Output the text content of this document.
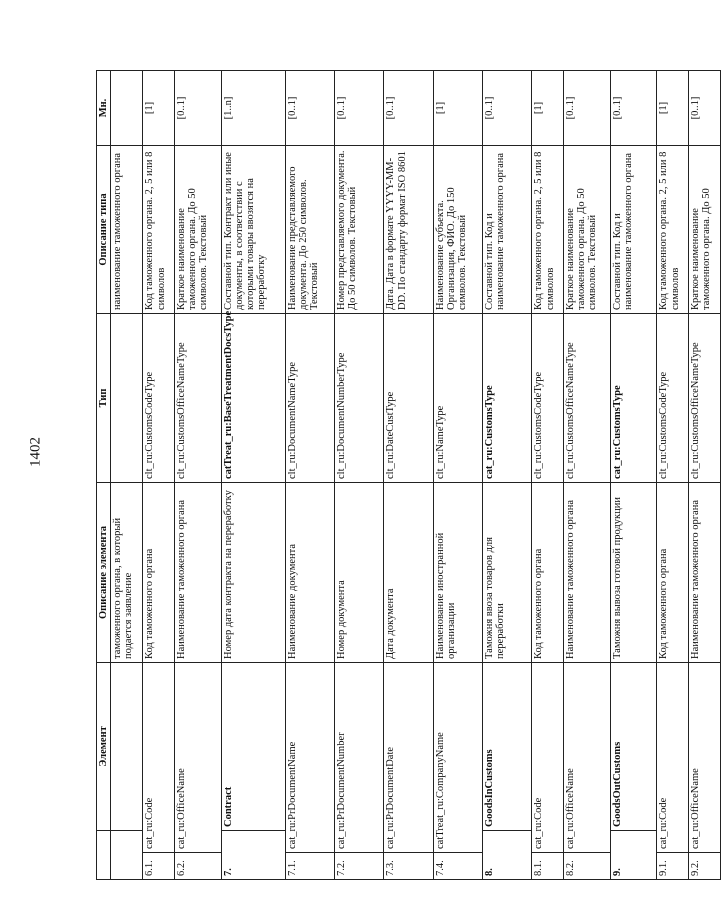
1402
		Элемент	Описание элемента	Тип	Описание типа	Мн.
			таможенного органа, в который подается заявление		наименование таможенного органа	
6.1.	cat_ru:Code		Код таможенного органа	clt_ru:CustomsCodeType	Код таможенного органа. 2, 5 или 8 символов	[1]
6.2.	cat_ru:OfficeName		Наименование таможенного органа	clt_ru:CustomsOfficeNameType	Краткое наименование таможенного органа. До 50 символов. Текстовый	[0..1]
7.		Contract	Номер дата контракта на переработку	catTreat_ru:BaseTreatmentDocsType	Составной тип. Контракт или иные документы, в соответствии с которыми товары ввозятся на переработку	[1..n]
7.1.	cat_ru:PrDocumentName		Наименование документа	clt_ru:DocumentNameType	Наименование представляемого документа. До 250 символов. Текстовый	[0..1]
7.2.	cat_ru:PrDocumentNumber		Номер документа	clt_ru:DocumentNumberType	Номер представляемого документа. До 50 символов. Текстовый	[0..1]
7.3.	cat_ru:PrDocumentDate		Дата документа	clt_ru:DateCustType	Дата. Дата в формате YYYY-MM-DD. По стандарту формат ISO 8601	[0..1]
7.4.	catTreat_ru:CompanyName		Наименование иностранной организации	clt_ru:NameType	Наименование субъекта. Организация, ФИО. До 150 символов. Текстовый	[1]
8.		GoodsInCustoms	Таможня ввоза товаров для переработки	cat_ru:CustomsType	Составной тип. Код и наименование таможенного органа	[0..1]
8.1.	cat_ru:Code		Код таможенного органа	clt_ru:CustomsCodeType	Код таможенного органа. 2, 5 или 8 символов	[1]
8.2.	cat_ru:OfficeName		Наименование таможенного органа	clt_ru:CustomsOfficeNameType	Краткое наименование таможенного органа. До 50 символов. Текстовый	[0..1]
9.		GoodsOutCustoms	Таможня вывоза готовой продукции	cat_ru:CustomsType	Составной тип. Код и наименование таможенного органа	[0..1]
9.1.	cat_ru:Code		Код таможенного органа	clt_ru:CustomsCodeType	Код таможенного органа. 2, 5 или 8 символов	[1]
9.2.	cat_ru:OfficeName		Наименование таможенного органа	clt_ru:CustomsOfficeNameType	Краткое наименование таможенного органа. До 50	[0..1]
